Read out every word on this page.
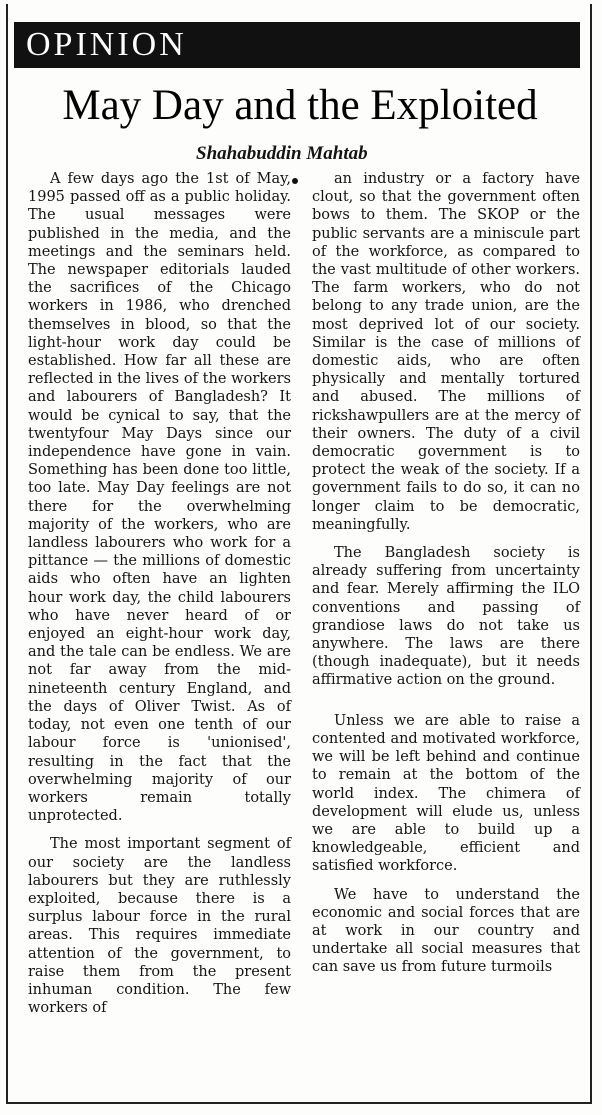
OPINION
May Day and the Exploited
Shahabuddin Mahtab

A few days ago the 1st of May, 1995 passed off as a public holiday. The usual messages were published in the media, and the meetings and the seminars held. The newspaper editorials lauded the sacrifices of the Chicago workers in 1986, who drenched themselves in blood, so that the light-hour work day could be established. How far all these are reflected in the lives of the workers and labourers of Bangladesh? It would be cynical to say, that the twentyfour May Days since our independence have gone in vain. Something has been done too little, too late. May Day feelings are not there for the overwhelming majority of the workers, who are landless labourers who work for a pittance — the millions of domestic aids who often have an lighten hour work day, the child labourers who have never heard of or enjoyed an eight-hour work day, and the tale can be endless. We are not far away from the mid-nineteenth century England, and the days of Oliver Twist. As of today, not even one tenth of our labour force is 'unionised', resulting in the fact that the overwhelming majority of our workers remain totally unprotected.

The most important segment of our society are the landless labourers but they are ruthlessly exploited, because there is a surplus labour force in the rural areas. This requires immediate attention of the government, to raise them from the present inhuman condition. The few workers of

an industry or a factory have clout, so that the government often bows to them. The SKOP or the public servants are a miniscule part of the workforce, as compared to the vast multitude of other workers. The farm workers, who do not belong to any trade union, are the most deprived lot of our society. Similar is the case of millions of domestic aids, who are often physically and mentally tortured and abused. The millions of rickshawpullers are at the mercy of their owners. The duty of a civil democratic government is to protect the weak of the society. If a government fails to do so, it can no longer claim to be democratic, meaningfully.

The Bangladesh society is already suffering from uncertainty and fear. Merely affirming the ILO conventions and passing of grandiose laws do not take us anywhere. The laws are there (though inadequate), but it needs affirmative action on the ground.

Unless we are able to raise a contented and motivated workforce, we will be left behind and continue to remain at the bottom of the world index. The chimera of development will elude us, unless we are able to build up a knowledgeable, efficient and satisfied workforce.

We have to understand the economic and social forces that are at work in our country and undertake all social measures that can save us from future turmoils
